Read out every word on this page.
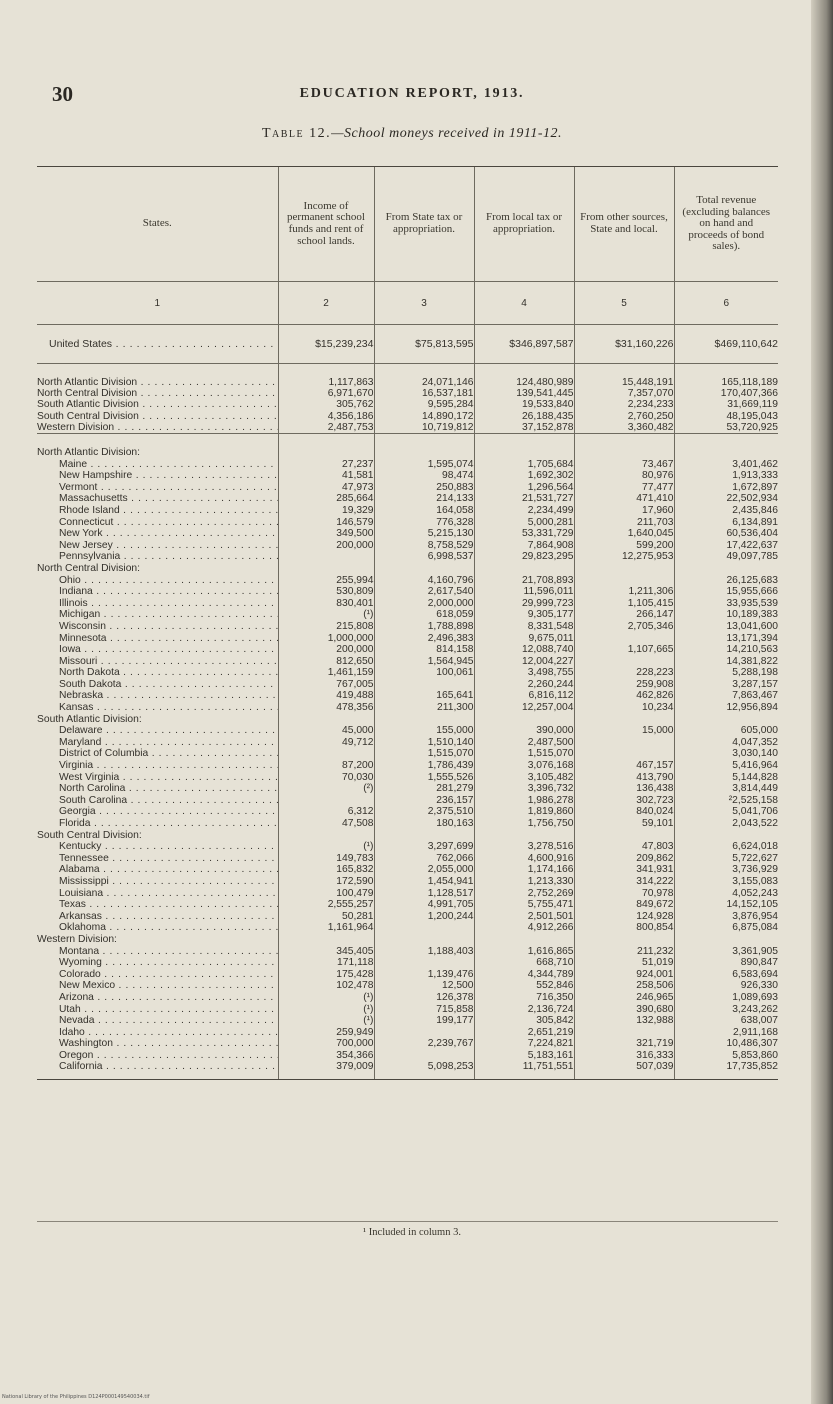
30	EDUCATION REPORT, 1913.
Table 12.—School moneys received in 1911-12.

States.	Income of permanent school funds and rent of school lands.	From State tax or appropriation.	From local tax or appropriation.	From other sources, State and local.	Total revenue (excluding balances on hand and proceeds of bond sales).
1	2	3	4	5	6
United States . . .	$15,239,234	$75,813,595	$346,897,587	$31,160,226	$469,110,642

North Atlantic Division . . .	1,117,863	24,071,146	124,480,989	15,448,191	165,118,189
North Central Division . . .	6,971,670	16,537,181	139,541,445	7,357,070	170,407,366
South Atlantic Division . . .	305,762	9,595,284	19,533,840	2,234,233	31,669,119
South Central Division . . .	4,356,186	14,890,172	26,188,435	2,760,250	48,195,043
Western Division . . .	2,487,753	10,719,812	37,152,878	3,360,482	53,720,925

North Atlantic Division:					
Maine . . .	27,237	1,595,074	1,705,684	73,467	3,401,462
New Hampshire . . .	41,581	98,474	1,692,302	80,976	1,913,333
Vermont . . .	47,973	250,883	1,296,564	77,477	1,672,897
Massachusetts . . .	285,664	214,133	21,531,727	471,410	22,502,934
Rhode Island . . .	19,329	164,058	2,234,499	17,960	2,435,846
Connecticut . . .	146,579	776,328	5,000,281	211,703	6,134,891
New York . . .	349,500	5,215,130	53,331,729	1,640,045	60,536,404
New Jersey . . .	200,000	8,758,529	7,864,908	599,200	17,422,637
Pennsylvania . . .		6,998,537	29,823,295	12,275,953	49,097,785
North Central Division:					
Ohio . . .	255,994	4,160,796	21,708,893		26,125,683
Indiana . . .	530,809	2,617,540	11,596,011	1,211,306	15,955,666
Illinois . . .	830,401	2,000,000	29,999,723	1,105,415	33,935,539
Michigan . . .	(¹)	618,059	9,305,177	266,147	10,189,383
Wisconsin . . .	215,808	1,788,898	8,331,548	2,705,346	13,041,600
Minnesota . . .	1,000,000	2,496,383	9,675,011		13,171,394
Iowa . . .	200,000	814,158	12,088,740	1,107,665	14,210,563
Missouri . . .	812,650	1,564,945	12,004,227		14,381,822
North Dakota . . .	1,461,159	100,061	3,498,755	228,223	5,288,198
South Dakota . . .	767,005		2,260,244	259,908	3,287,157
Nebraska . . .	419,488	165,641	6,816,112	462,826	7,863,467
Kansas . . .	478,356	211,300	12,257,004	10,234	12,956,894
South Atlantic Division:					
Delaware . . .	45,000	155,000	390,000	15,000	605,000
Maryland . . .	49,712	1,510,140	2,487,500		4,047,352
District of Columbia . . .		1,515,070	1,515,070		3,030,140
Virginia . . .	87,200	1,786,439	3,076,168	467,157	5,416,964
West Virginia . . .	70,030	1,555,526	3,105,482	413,790	5,144,828
North Carolina . . .	(²)	281,279	3,396,732	136,438	3,814,449
South Carolina . . .		236,157	1,986,278	302,723	²2,525,158
Georgia . . .	6,312	2,375,510	1,819,860	840,024	5,041,706
Florida . . .	47,508	180,163	1,756,750	59,101	2,043,522
South Central Division:					
Kentucky . . .	(¹)	3,297,699	3,278,516	47,803	6,624,018
Tennessee . . .	149,783	762,066	4,600,916	209,862	5,722,627
Alabama . . .	165,832	2,055,000	1,174,166	341,931	3,736,929
Mississippi . . .	172,590	1,454,941	1,213,330	314,222	3,155,083
Louisiana . . .	100,479	1,128,517	2,752,269	70,978	4,052,243
Texas . . .	2,555,257	4,991,705	5,755,471	849,672	14,152,105
Arkansas . . .	50,281	1,200,244	2,501,501	124,928	3,876,954
Oklahoma . . .	1,161,964		4,912,266	800,854	6,875,084
Western Division:					
Montana . . .	345,405	1,188,403	1,616,865	211,232	3,361,905
Wyoming . . .	171,118		668,710	51,019	890,847
Colorado . . .	175,428	1,139,476	4,344,789	924,001	6,583,694
New Mexico . . .	102,478	12,500	552,846	258,506	926,330
Arizona . . .	(¹)	126,378	716,350	246,965	1,089,693
Utah . . .	(¹)	715,858	2,136,724	390,680	3,243,262
Nevada . . .	(¹)	199,177	305,842	132,988	638,007
Idaho . . .	259,949		2,651,219		2,911,168
Washington . . .	700,000	2,239,767	7,224,821	321,719	10,486,307
Oregon . . .	354,366		5,183,161	316,333	5,853,860
California . . .	379,009	5,098,253	11,751,551	507,039	17,735,852

¹ Included in column 3.
National Library of the Philippines D124P000149540034.tif
